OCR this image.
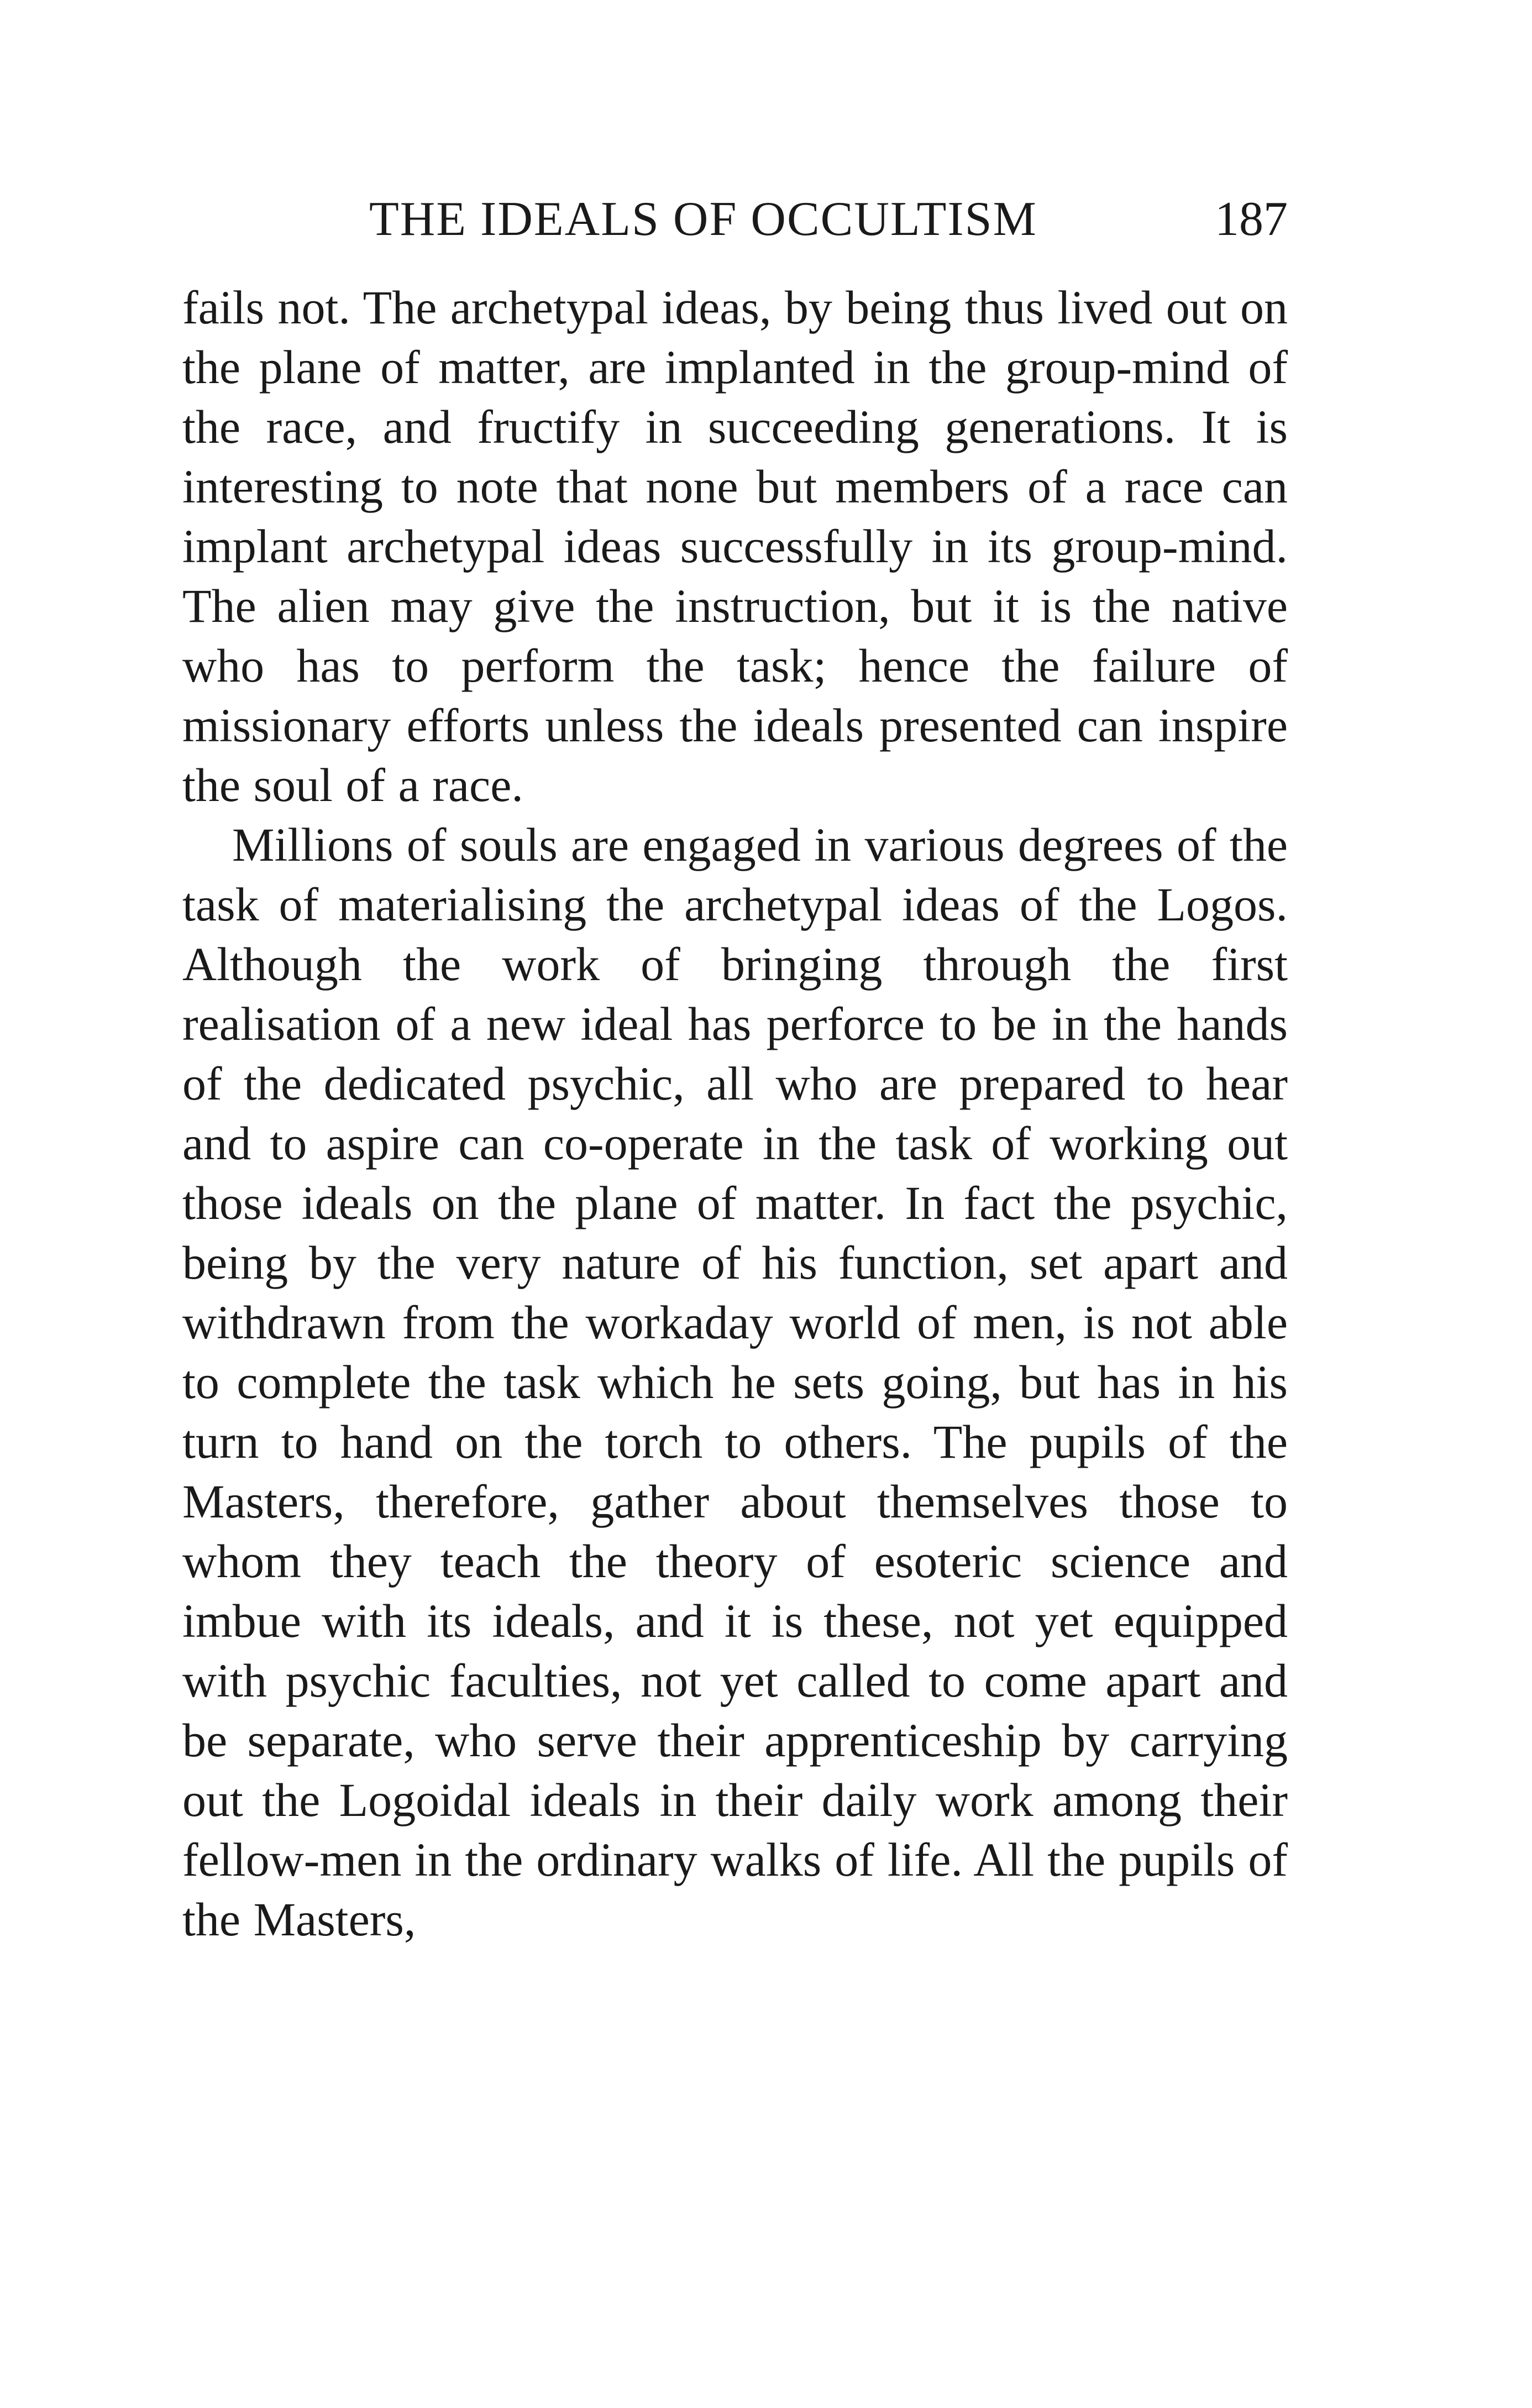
THE IDEALS OF OCCULTISM	187

fails not. The archetypal ideas, by being thus lived out on the plane of matter, are implanted in the group-mind of the race, and fructify in succeeding generations. It is interesting to note that none but members of a race can implant archetypal ideas successfully in its group-mind. The alien may give the instruction, but it is the native who has to perform the task; hence the failure of missionary efforts unless the ideals presented can inspire the soul of a race.

Millions of souls are engaged in various degrees of the task of materialising the archetypal ideas of the Logos. Although the work of bringing through the first realisation of a new ideal has perforce to be in the hands of the dedicated psychic, all who are prepared to hear and to aspire can co-operate in the task of working out those ideals on the plane of matter. In fact the psychic, being by the very nature of his function, set apart and withdrawn from the workaday world of men, is not able to complete the task which he sets going, but has in his turn to hand on the torch to others. The pupils of the Masters, therefore, gather about themselves those to whom they teach the theory of esoteric science and imbue with its ideals, and it is these, not yet equipped with psychic faculties, not yet called to come apart and be separate, who serve their apprenticeship by carrying out the Logoidal ideals in their daily work among their fellow-men in the ordinary walks of life. All the pupils of the Masters,
